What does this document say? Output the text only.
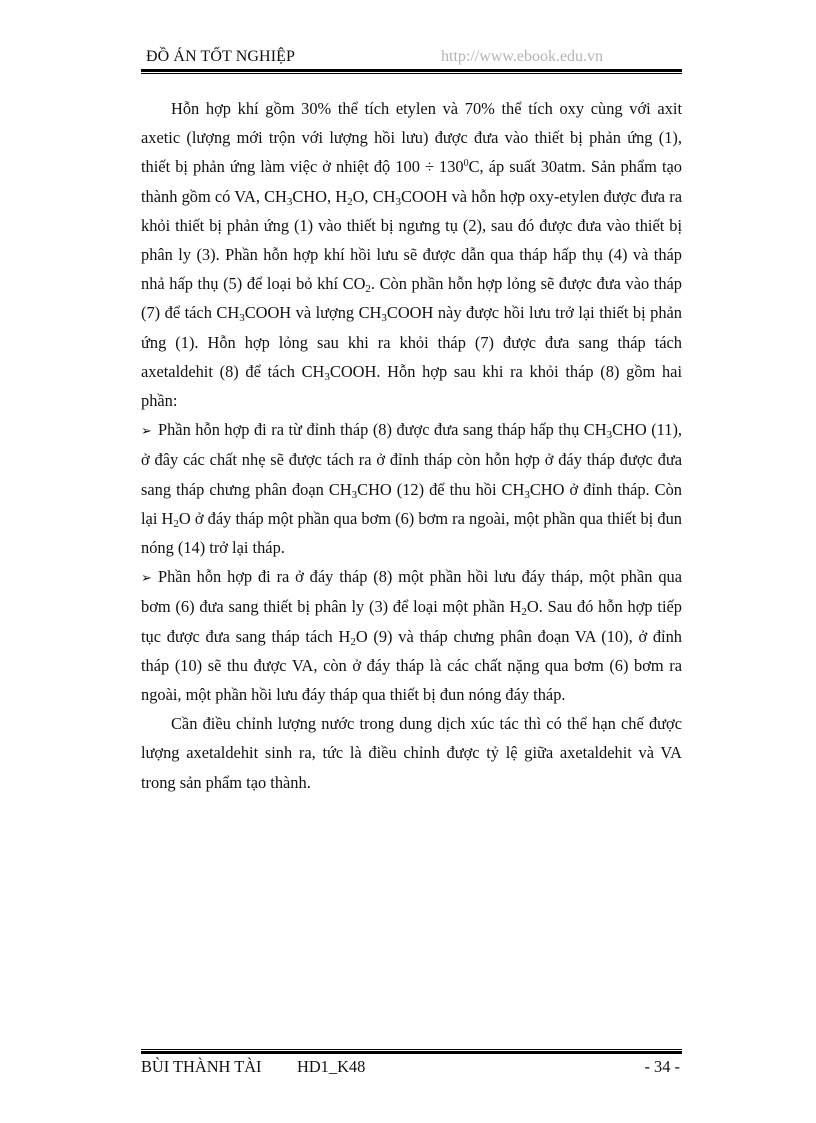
ĐỒ ÁN TỐT NGHIỆP	http://www.ebook.edu.vn

Hỗn hợp khí gồm 30% thể tích etylen và 70% thể tích oxy cùng với axit axetic (lượng mới trộn với lượng hồi lưu) được đưa vào thiết bị phản ứng (1), thiết bị phản ứng làm việc ở nhiệt độ $100 \div 130^0C$, áp suất 30atm. Sản phẩm tạo thành gồm có VA, $CH_3CHO$, $H_2O$, $CH_3COOH$ và hỗn hợp oxy-etylen được đưa ra khỏi thiết bị phản ứng (1) vào thiết bị ngưng tụ (2), sau đó được đưa vào thiết bị phân ly (3). Phần hỗn hợp khí hồi lưu sẽ được dẫn qua tháp hấp thụ (4) và tháp nhả hấp thụ (5) để loại bỏ khí $CO_2$. Còn phần hỗn hợp lỏng sẽ được đưa vào tháp (7) để tách $CH_3COOH$ và lượng $CH_3COOH$ này được hồi lưu trở lại thiết bị phản ứng (1). Hỗn hợp lỏng sau khi ra khỏi tháp (7) được đưa sang tháp tách axetaldehit (8) để tách $CH_3COOH$. Hỗn hợp sau khi ra khỏi tháp (8) gồm hai phần:

➢ Phần hỗn hợp đi ra từ đỉnh tháp (8) được đưa sang tháp hấp thụ $CH_3CHO$ (11), ở đây các chất nhẹ sẽ được tách ra ở đỉnh tháp còn hỗn hợp ở đáy tháp được đưa sang tháp chưng phân đoạn $CH_3CHO$ (12) để thu hồi $CH_3CHO$ ở đỉnh tháp. Còn lại $H_2O$ ở đáy tháp một phần qua bơm (6) bơm ra ngoài, một phần qua thiết bị đun nóng (14) trở lại tháp.

➢ Phần hỗn hợp đi ra ở đáy tháp (8) một phần hồi lưu đáy tháp, một phần qua bơm (6) đưa sang thiết bị phân ly (3) để loại một phần $H_2O$. Sau đó hỗn hợp tiếp tục được đưa sang tháp tách $H_2O$ (9) và tháp chưng phân đoạn VA (10), ở đỉnh tháp (10) sẽ thu được VA, còn ở đáy tháp là các chất nặng qua bơm (6) bơm ra ngoài, một phần hồi lưu đáy tháp qua thiết bị đun nóng đáy tháp.

Cần điều chỉnh lượng nước trong dung dịch xúc tác thì có thể hạn chế được lượng axetaldehit sinh ra, tức là điều chỉnh được tỷ lệ giữa axetaldehit và VA trong sản phẩm tạo thành.

BÙI THÀNH TÀI HD1_K48	- 34 -
